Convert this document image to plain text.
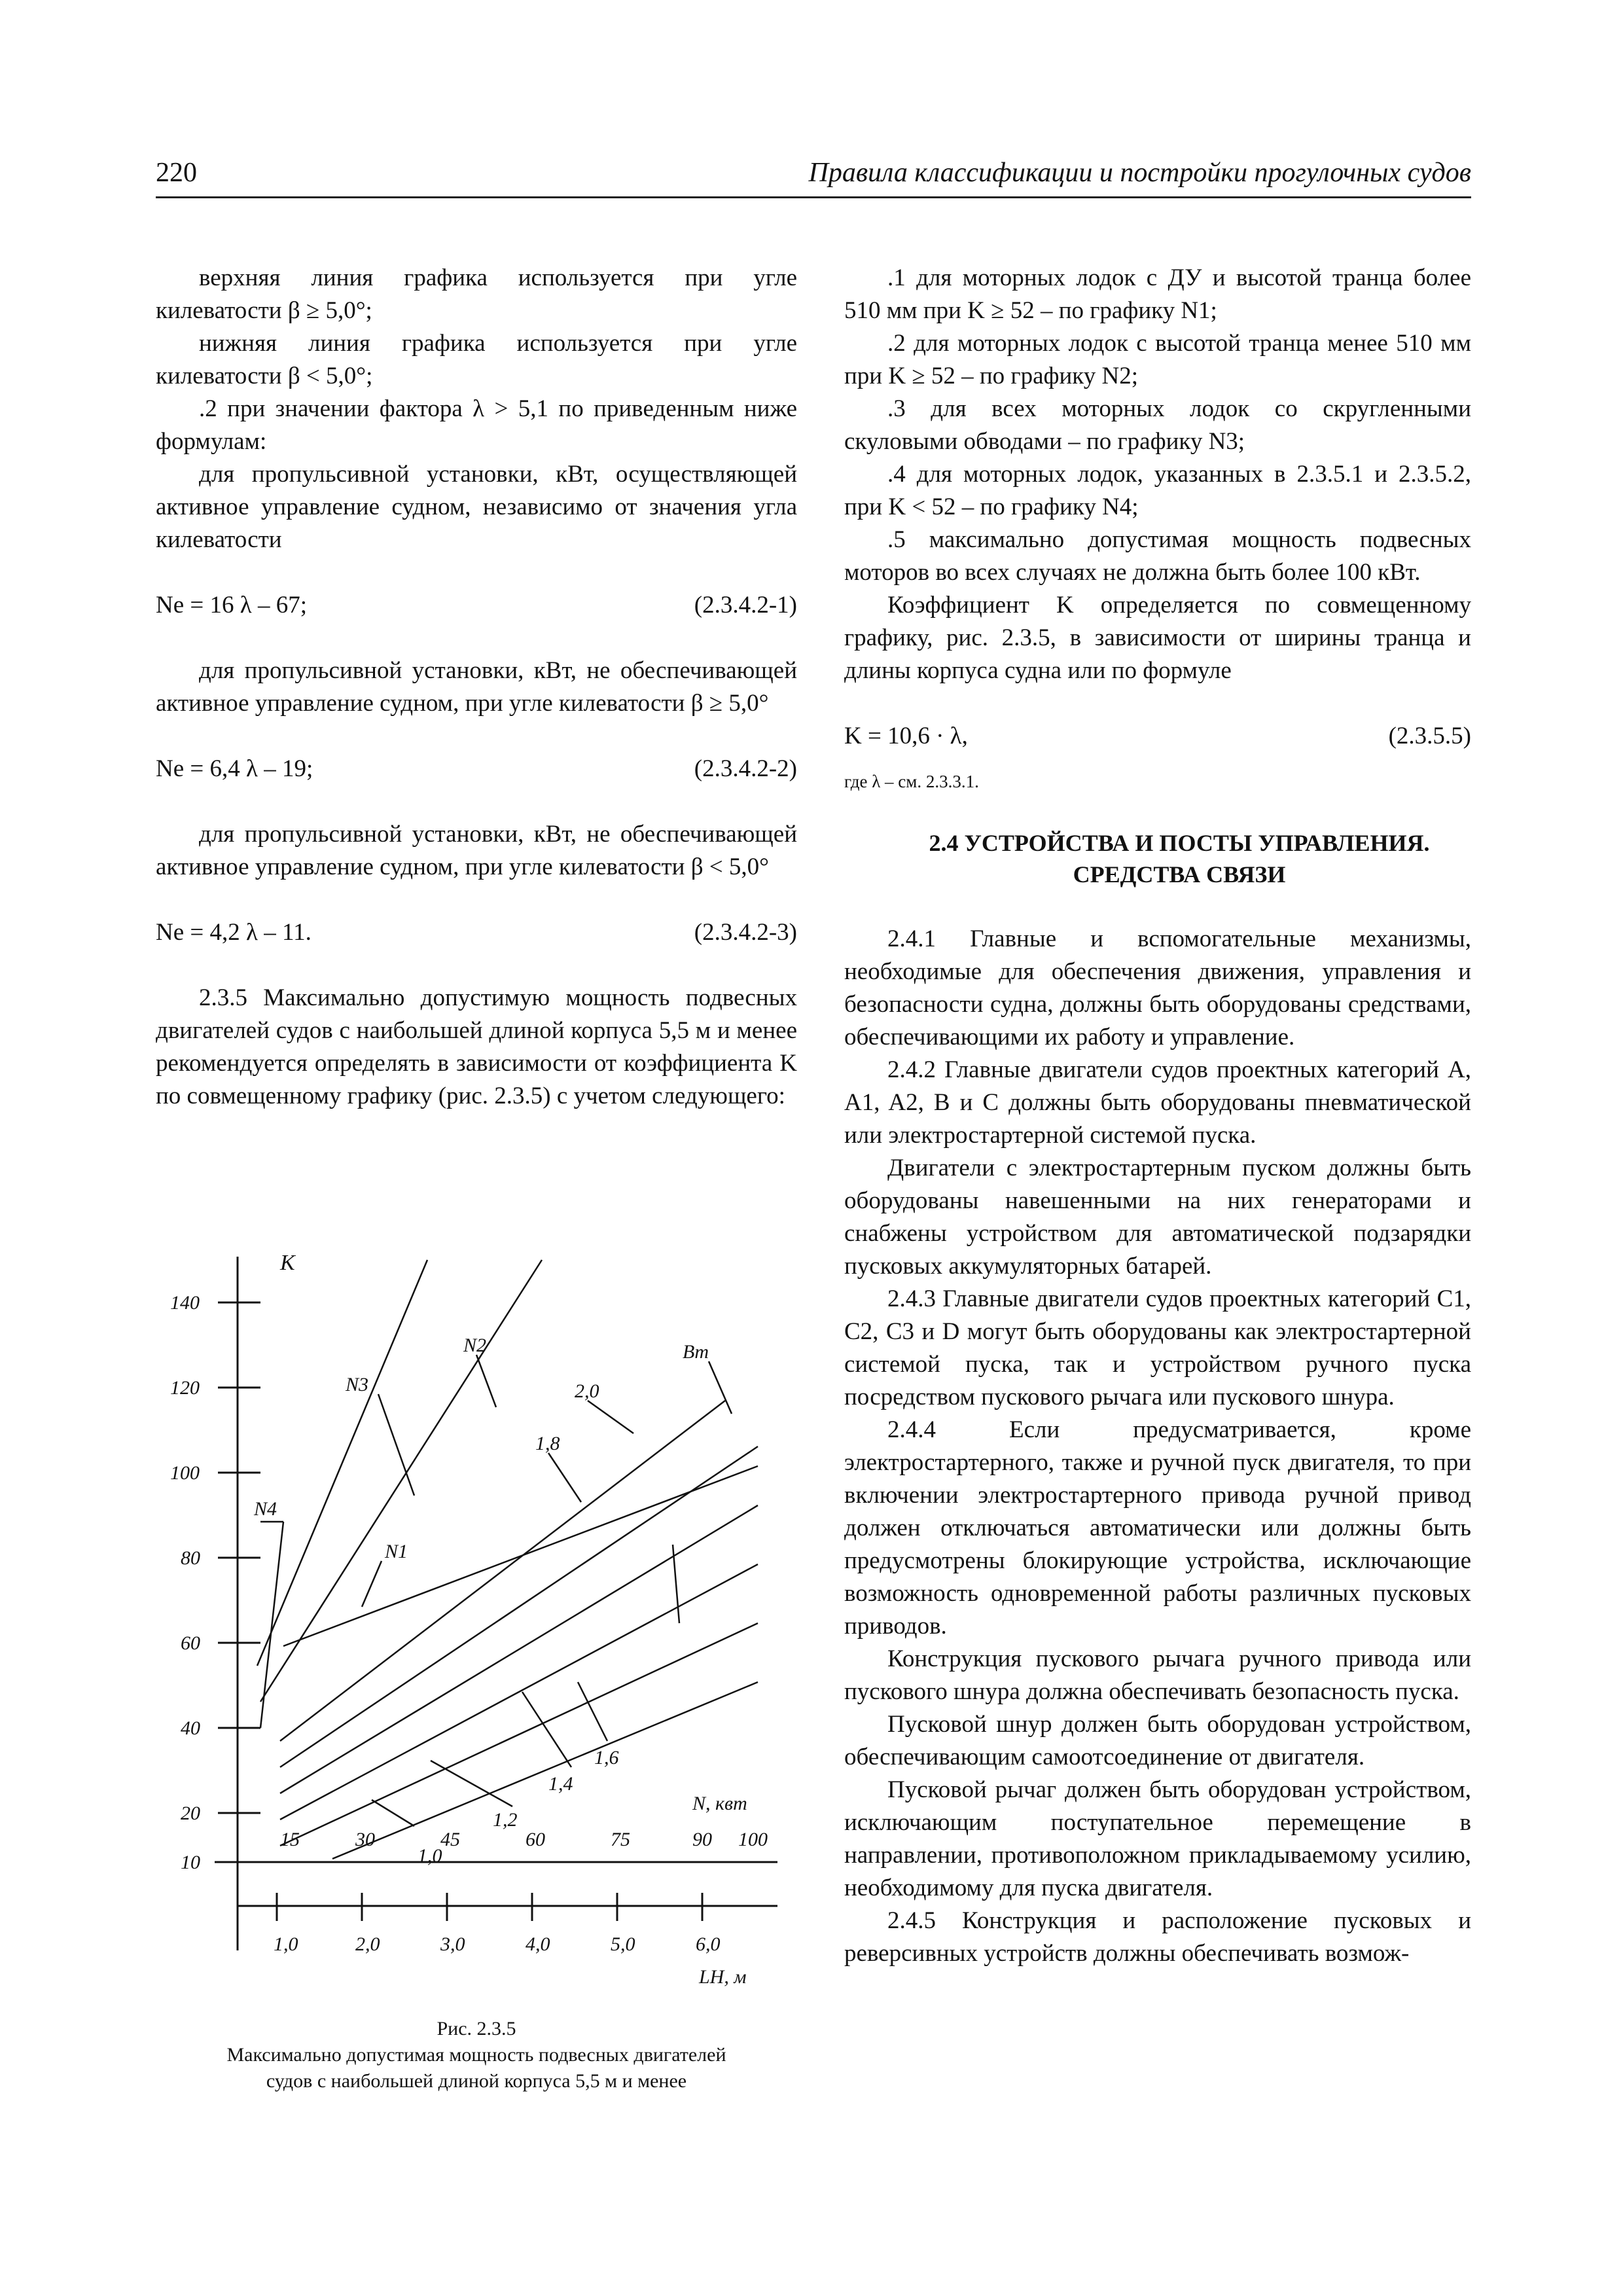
220	Правила классификации и постройки прогулочных судов

верхняя линия графика используется при угле килеватости β ≥ 5,0°;

нижняя линия графика используется при угле килеватости β < 5,0°;

.2 при значении фактора λ > 5,1 по приведенным ниже формулам:

для пропульсивной установки, кВт, осуществляющей активное управление судном, независимо от значения угла килеватости

Ne = 16 λ – 67;	(2.3.4.2-1)

для пропульсивной установки, кВт, не обеспечивающей активное управление судном, при угле килеватости β ≥ 5,0°

Ne = 6,4 λ – 19;	(2.3.4.2-2)

для пропульсивной установки, кВт, не обеспечивающей активное управление судном, при угле килеватости β < 5,0°

Ne = 4,2 λ – 11.	(2.3.4.2-3)

2.3.5 Максимально допустимую мощность подвесных двигателей судов с наибольшей длиной корпуса 5,5 м и менее рекомендуется определять в зависимости от коэффициента K по совмещенному графику (рис. 2.3.5) с учетом следующего:

140
120
100
80
60
40
20
10
K
15	30	45	60	75	90 100
N, квт
1,0	2,0	3,0	4,0	5,0	6,0
LH, м
N3
N2	Bт
2,0
1,8
N4
N1
1,6
1,4
1,2
1,0
Рис. 2.3.5
Максимально допустимая мощность подвесных двигателей
судов с наибольшей длиной корпуса 5,5 м и менее

.1 для моторных лодок с ДУ и высотой транца более 510 мм при K ≥ 52 – по графику N1;

.2 для моторных лодок с высотой транца менее 510 мм при K ≥ 52 – по графику N2;

.3 для всех моторных лодок со скругленными скуловыми обводами – по графику N3;

.4 для моторных лодок, указанных в 2.3.5.1 и 2.3.5.2, при K < 52 – по графику N4;

.5 максимально допустимая мощность подвесных моторов во всех случаях не должна быть более 100 кВт.

Коэффициент K определяется по совмещенному графику, рис. 2.3.5, в зависимости от ширины транца и длины корпуса судна или по формуле

K = 10,6 · λ,	(2.3.5.5)

где λ – см. 2.3.3.1.

2.4 УСТРОЙСТВА И ПОСТЫ УПРАВЛЕНИЯ.

СРЕДСТВА СВЯЗИ

2.4.1 Главные и вспомогательные механизмы, необходимые для обеспечения движения, управления и безопасности судна, должны быть оборудованы средствами, обеспечивающими их работу и управление.

2.4.2 Главные двигатели судов проектных категорий A, A1, A2, B и C должны быть оборудованы пневматической или электростартерной системой пуска.

Двигатели с электростартерным пуском должны быть оборудованы навешенными на них генераторами и снабжены устройством для автоматической подзарядки пусковых аккумуляторных батарей.

2.4.3 Главные двигатели судов проектных категорий C1, C2, C3 и D могут быть оборудованы как электростартерной системой пуска, так и устройством ручного пуска посредством пускового рычага или пускового шнура.

2.4.4 Если предусматривается, кроме электростартерного, также и ручной пуск двигателя, то при включении электростартерного привода ручной привод должен отключаться автоматически или должны быть предусмотрены блокирующие устройства, исключающие возможность одновременной работы различных пусковых приводов.

Конструкция пускового рычага ручного привода или пускового шнура должна обеспечивать безопасность пуска.

Пусковой шнур должен быть оборудован устройством, обеспечивающим самоотсоединение от двигателя.

Пусковой рычаг должен быть оборудован устройством, исключающим поступательное перемещение в направлении, противоположном прикладываемому усилию, необходимому для пуска двигателя.

2.4.5 Конструкция и расположение пусковых и реверсивных устройств должны обеспечивать возмож-
